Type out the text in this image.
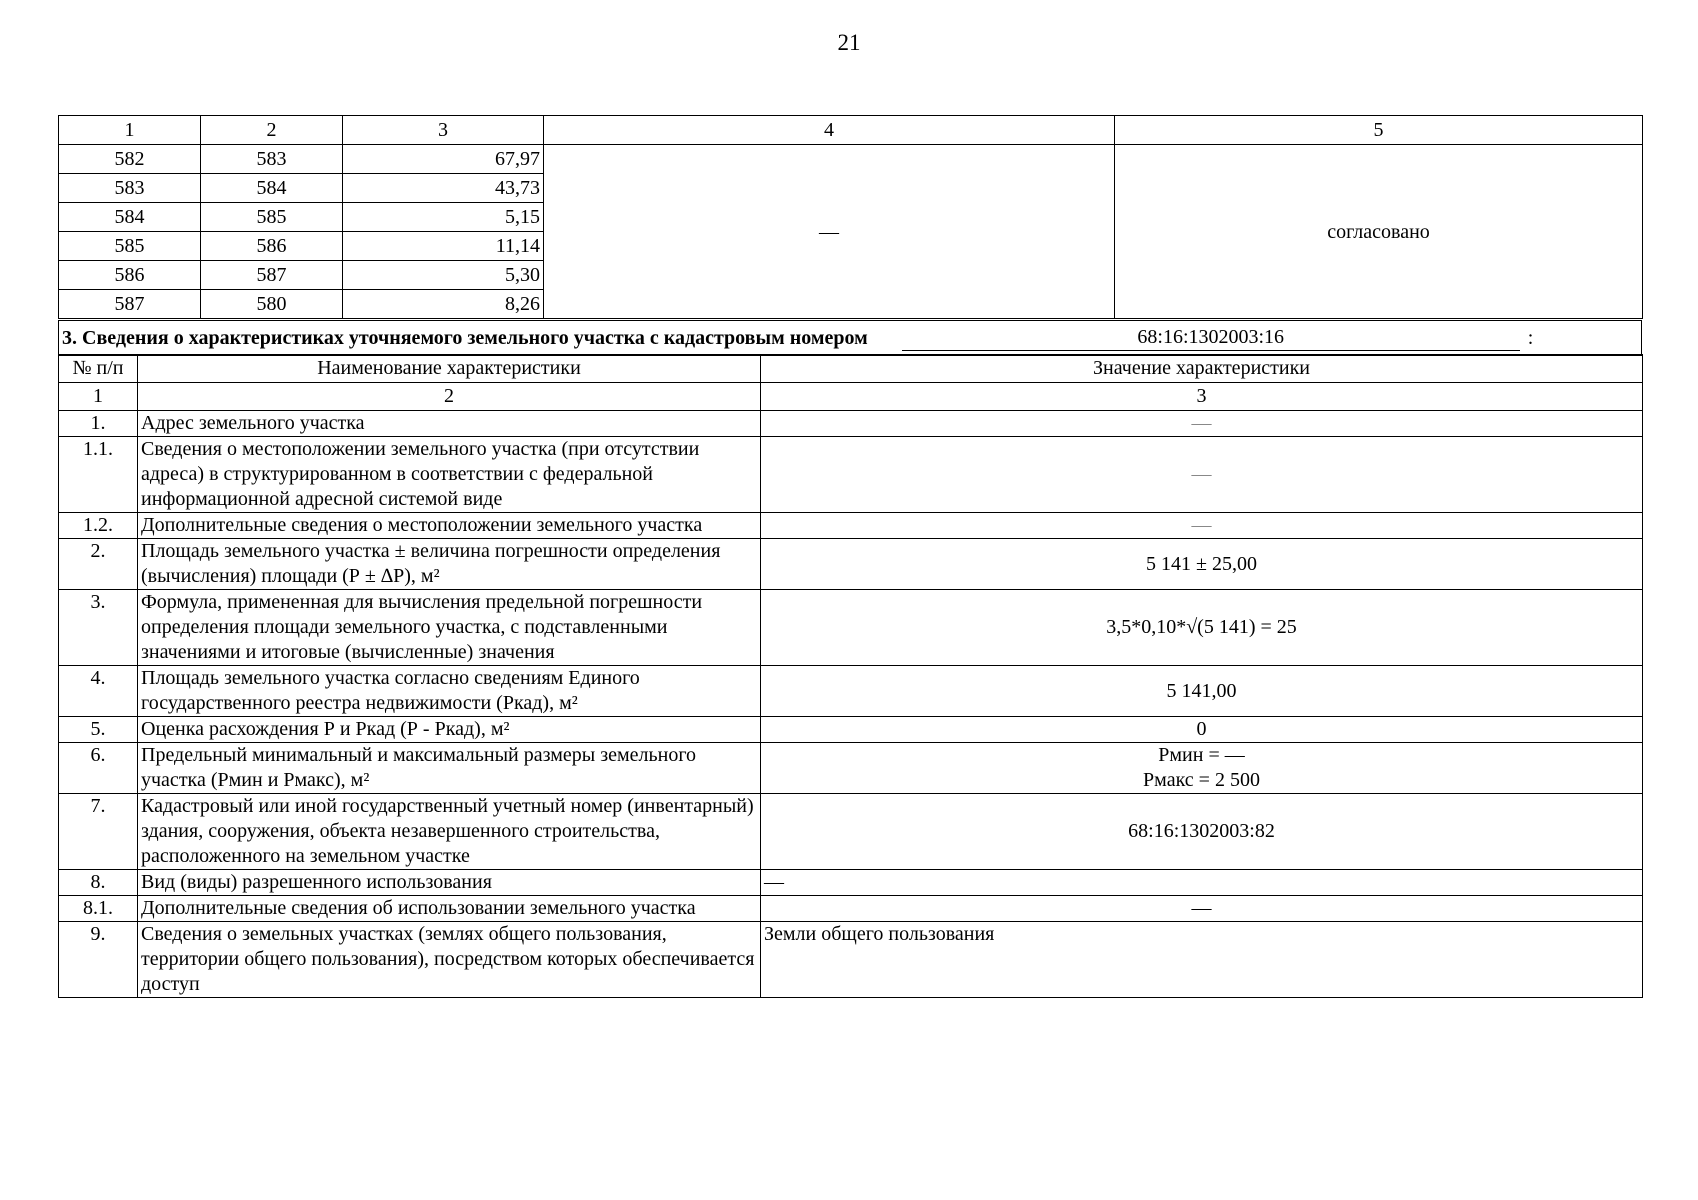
21
1	2	3	4	5
582	583	67,97	—	согласовано
583	584	43,73		
584	585	5,15		
585	586	11,14		
586	587	5,30		
587	580	8,26		
3. Сведения о характеристиках уточняемого земельного участка с кадастровым номером	68:16:1302003:16	:
№ п/п	Наименование характеристики	Значение характеристики
1	2	3
1.	Адрес земельного участка	—
1.1.	Сведения о местоположении земельного участка (при отсутствии адреса) в структурированном в соответствии с федеральной информационной адресной системой виде	—
1.2.	Дополнительные сведения о местоположении земельного участка	—
2.	Площадь земельного участка ± величина погрешности определения (вычисления) площади (Р ± ∆Р), м²	5 141 ± 25,00
3.	Формула, примененная для вычисления предельной погрешности определения площади земельного участка, с подставленными значениями и итоговые (вычисленные) значения	3,5*0,10*√(5 141) = 25
4.	Площадь земельного участка согласно сведениям Единого государственного реестра недвижимости (Ркад), м²	5 141,00
5.	Оценка расхождения Р и Ркад (Р - Ркад), м²	0
6.	Предельный минимальный и максимальный размеры земельного участка (Рмин и Рмакс), м²	Рмин = —
Рмакс = 2 500

7.	Кадастровый или иной государственный учетный номер (инвентарный) здания, сооружения, объекта незавершенного строительства, расположенного на земельном участке	68:16:1302003:82
8.	Вид (виды) разрешенного использования	—
8.1.	Дополнительные сведения об использовании земельного участка	—
9.	Сведения о земельных участках (землях общего пользования, территории общего пользования), посредством которых обеспечивается доступ	Земли общего пользования
